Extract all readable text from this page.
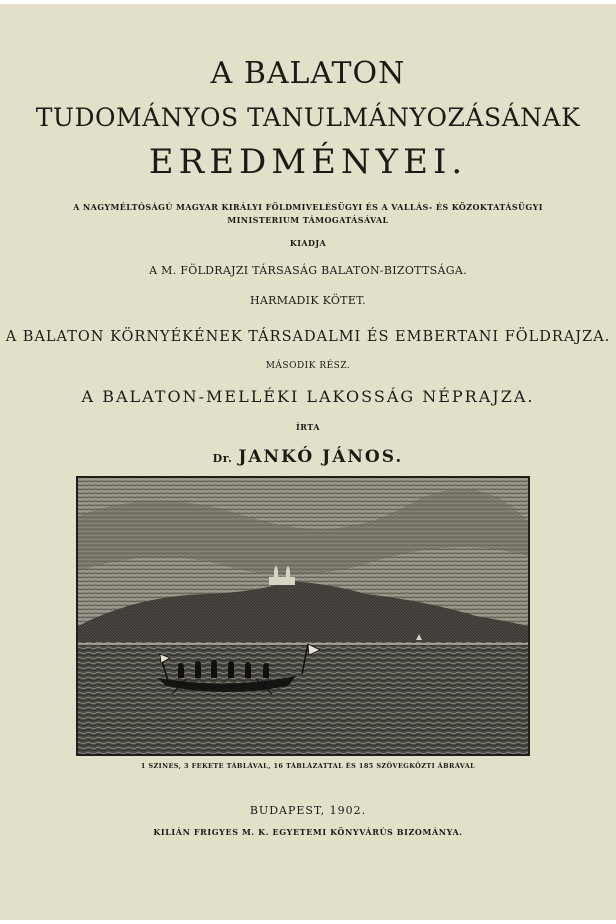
A BALATON
TUDOMÁNYOS TANULMÁNYOZÁSÁNAK
EREDMÉNYEI.
A NAGYMÉLTÓSÁGÚ MAGYAR KIRÁLYI FÖLDMIVELÉSÜGYI ÉS A VALLÁS- ÉS KÖZOKTATÁSÜGYI
MINISTERIUM TÁMOGATÁSÁVAL
KIADJA
A M. FÖLDRAJZI TÁRSASÁG BALATON-BIZOTTSÁGA.
HARMADIK KÖTET.
A BALATON KÖRNYÉKÉNEK TÁRSADALMI ÉS EMBERTANI FÖLDRAJZA.
MÁSODIK RÉSZ.
A BALATON-MELLÉKI LAKOSSÁG NÉPRAJZA.
ÍRTA
Dr. JANKÓ JÁNOS.
1 SZINES, 3 FEKETE TÁBLÁVAL, 16 TÁBLÁZATTAL ÉS 185 SZÖVEGKÖZTI ÁBRÁVAL
BUDAPEST, 1902.
KILIÁN FRIGYES M. K. EGYETEMI KÖNYVÁRÚS BIZOMÁNYA.
